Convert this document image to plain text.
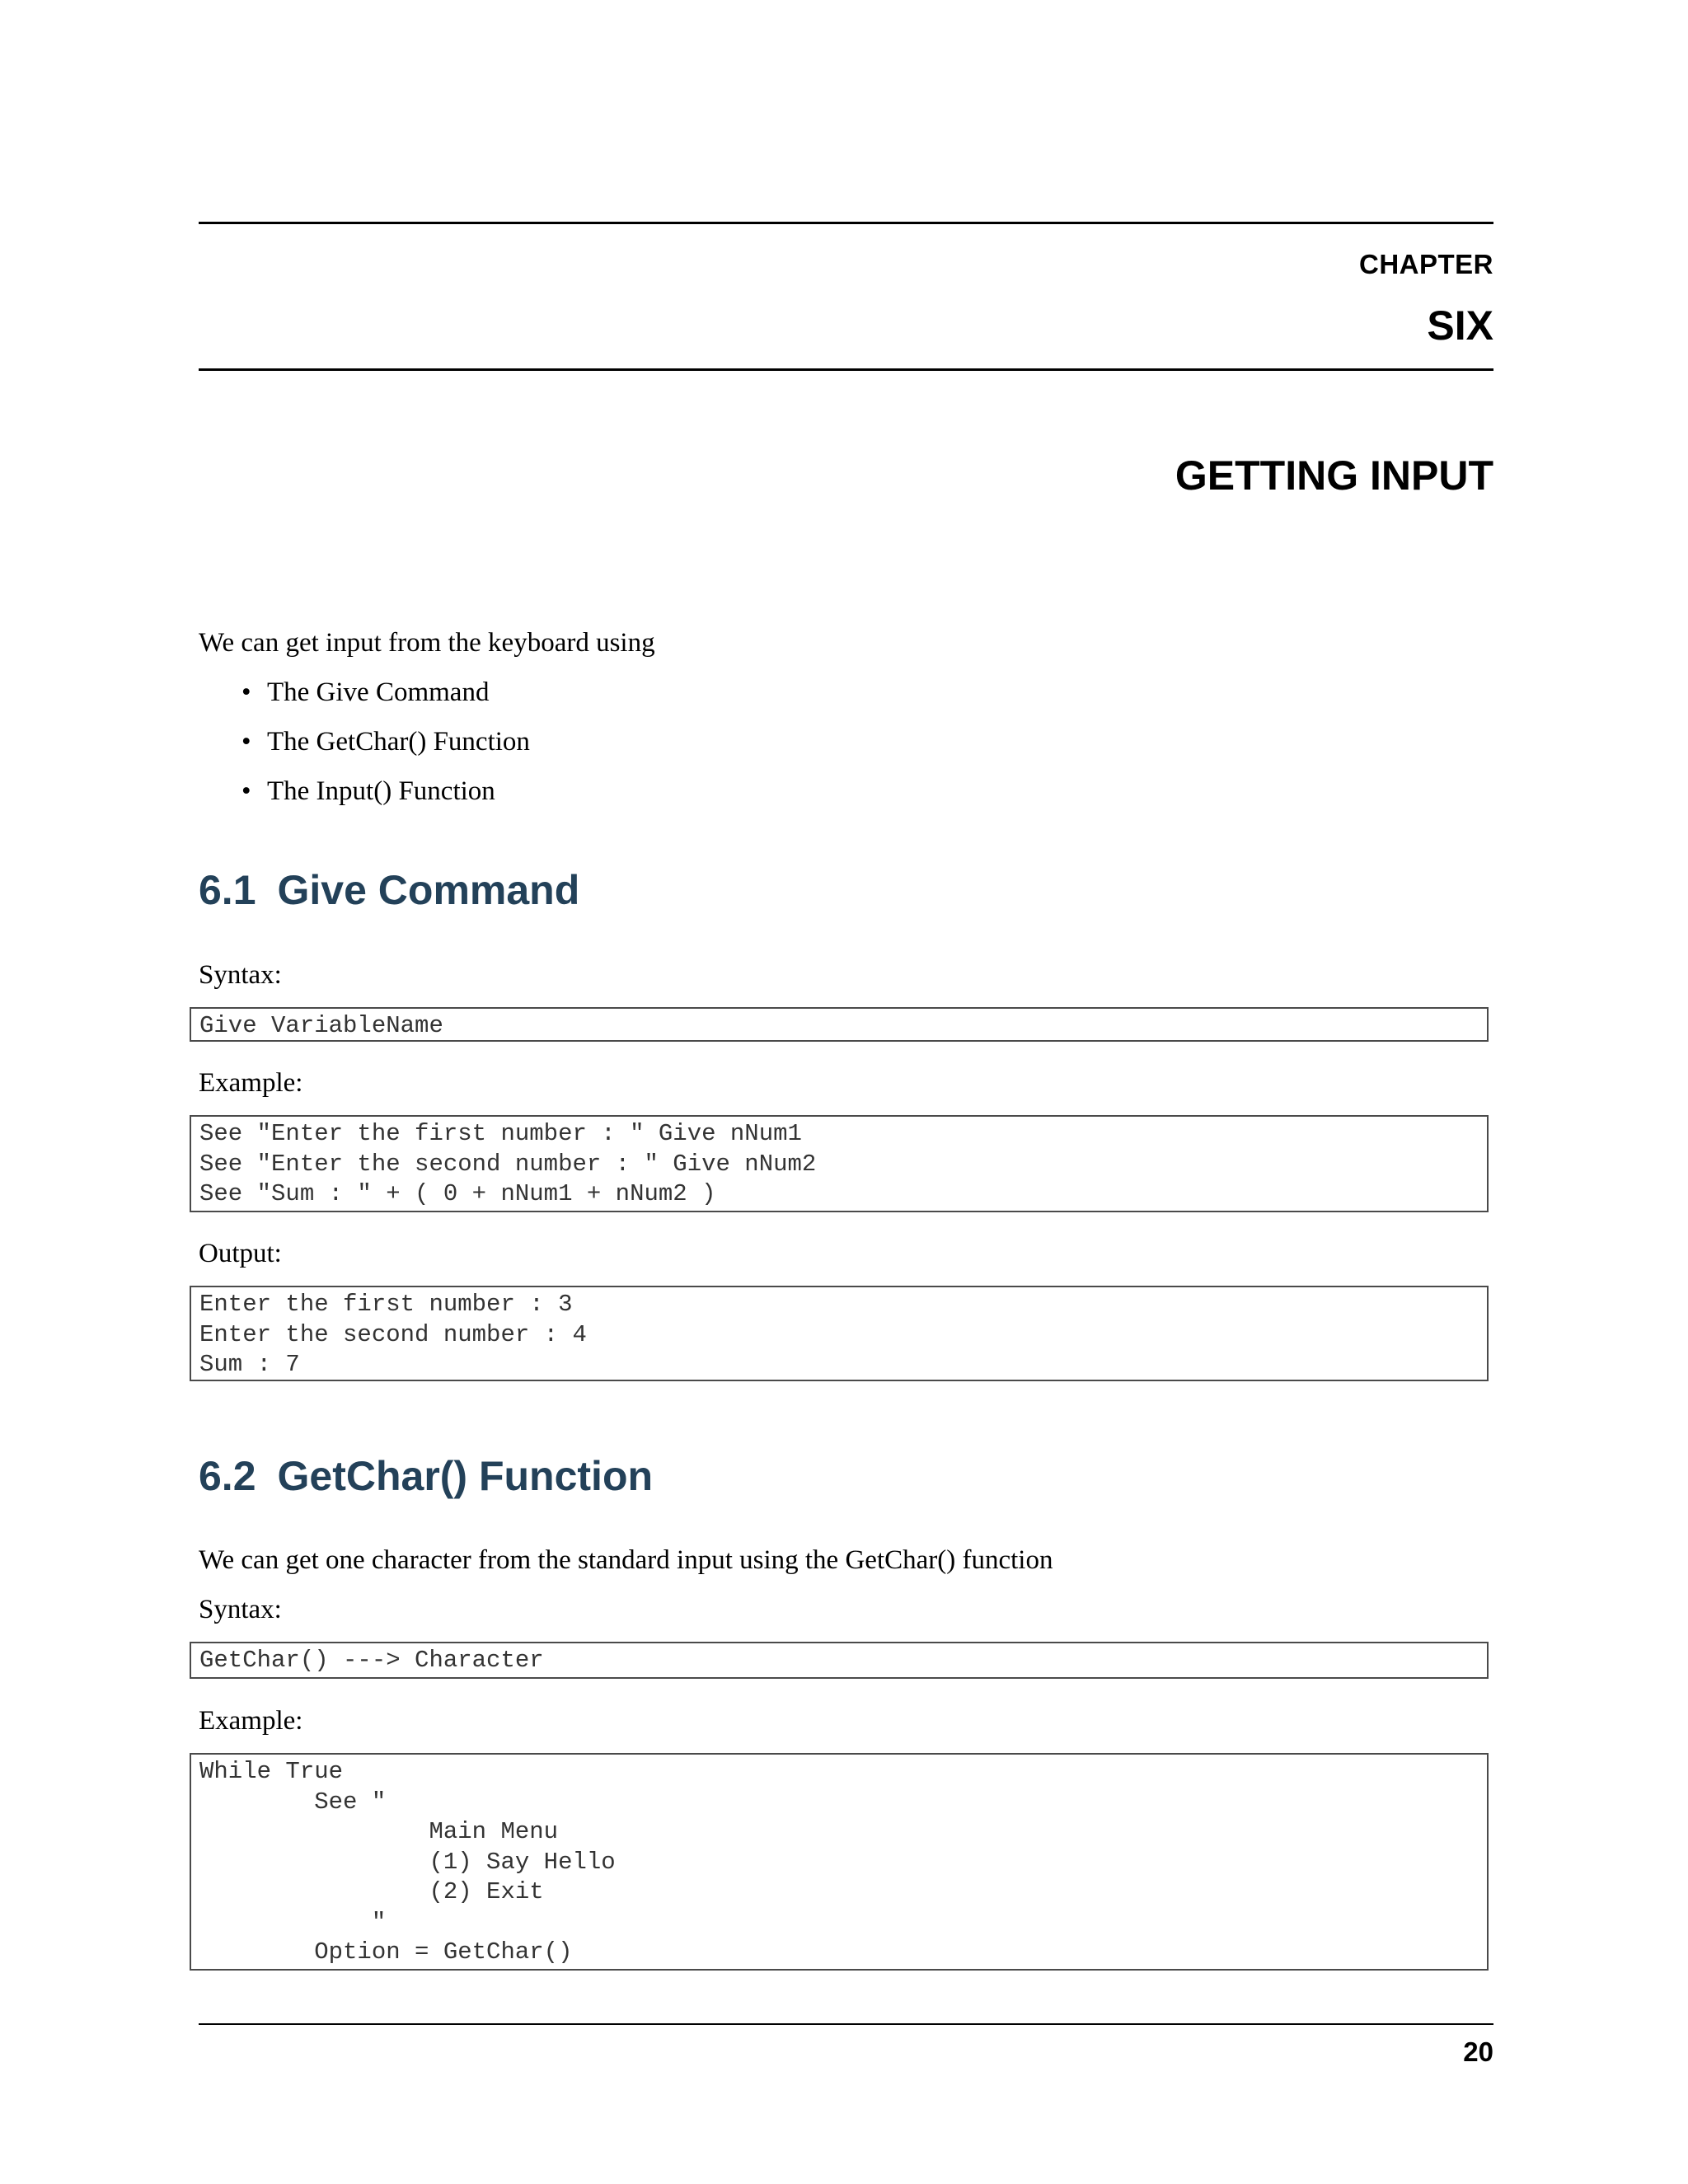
CHAPTER
SIX
GETTING INPUT
We can get input from the keyboard using
• The Give Command
• The GetChar() Function
• The Input() Function
6.1 Give Command
Syntax:
Give VariableName
Example:
See "Enter the first number : " Give nNum1
See "Enter the second number : " Give nNum2
See "Sum : " + ( 0 + nNum1 + nNum2 )
Output:
Enter the first number : 3
Enter the second number : 4
Sum : 7
6.2 GetChar() Function
We can get one character from the standard input using the GetChar() function
Syntax:
GetChar() ---> Character
Example:
While True
See "
Main Menu
(1) Say Hello
(2) Exit
"
Option = GetChar()
20
